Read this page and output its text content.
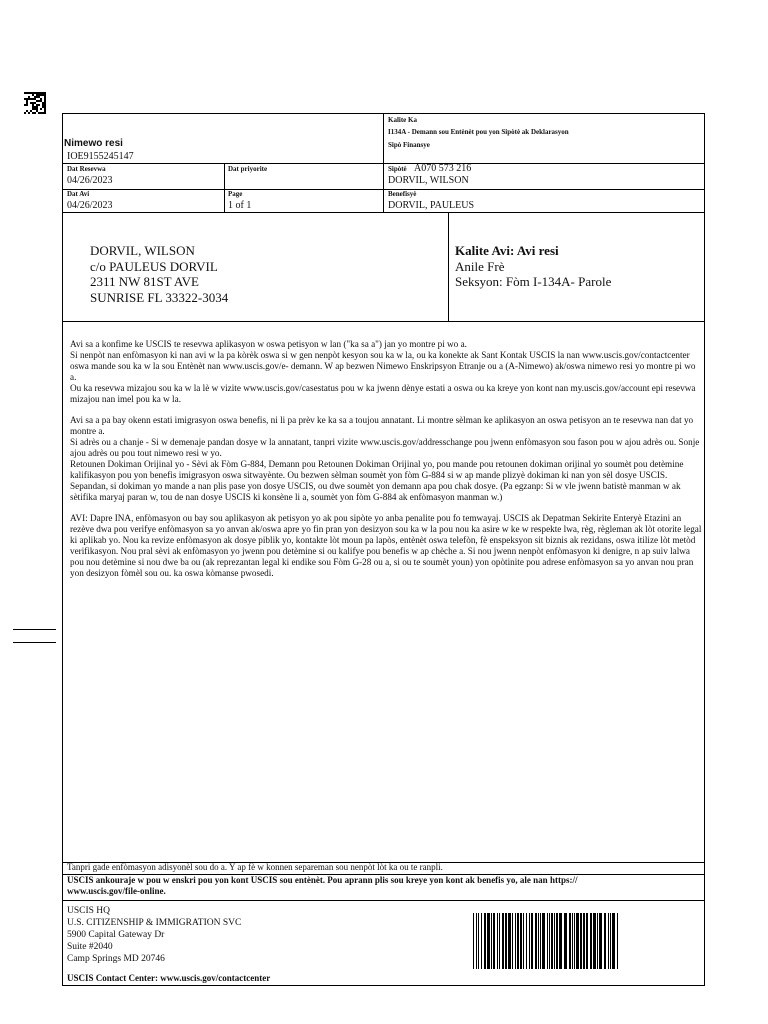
Nimewo resi
IOE9155245147
Kalite Ka
I134A - Demann sou Entènèt pou yon Sipòtè ak Deklarasyon
Sipò Finansye
Dat Resevwa
04/26/2023
Dat priyorite	Sipòtè A070 573 216
DORVIL, WILSON
Dat Avi
04/26/2023
Page
1 of 1
Benefisyè
DORVIL, PAULEUS
DORVIL, WILSON
c/o PAULEUS DORVIL
2311 NW 81ST AVE
SUNRISE FL 33322-3034
Kalite Avi: Avi resi
Anile Frè
Seksyon: Fòm I-134A- Parole

Avi sa a konfime ke USCIS te resevwa aplikasyon w oswa petisyon w lan ("ka sa a") jan yo montre pi wo a.
Si nenpòt nan enfòmasyon ki nan avi w la pa kòrèk oswa si w gen nenpòt kesyon sou ka w la, ou ka konekte ak Sant Kontak USCIS la nan www.uscis.gov/contactcenter oswa mande sou ka w la sou Entènèt nan www.uscis.gov/e- demann. W ap bezwen Nimewo Enskripsyon Etranje ou a (A-Nimewo) ak/oswa nimewo resi yo montre pi wo a.
Ou ka resevwa mizajou sou ka w la lè w vizite www.uscis.gov/casestatus pou w ka jwenn dènye estati a oswa ou ka kreye yon kont nan my.uscis.gov/account epi resevwa mizajou nan imel pou ka w la.

Avi sa a pa bay okenn estati imigrasyon oswa benefis, ni li pa prèv ke ka sa a toujou annatant. Li montre sèlman ke aplikasyon an oswa petisyon an te resevwa nan dat yo montre a.
Si adrès ou a chanje - Si w demenaje pandan dosye w la annatant, tanpri vizite www.uscis.gov/addresschange pou jwenn enfòmasyon sou fason pou w ajou adrès ou. Sonje ajou adrès ou pou tout nimewo resi w yo.
Retounen Dokiman Orijinal yo - Sèvi ak Fòm G-884, Demann pou Retounen Dokiman Orijinal yo, pou mande pou retounen dokiman orijinal yo soumèt pou detèmine kalifikasyon pou yon benefis imigrasyon oswa sitwayènte. Ou bezwen sèlman soumèt yon fòm G-884 si w ap mande plizyè dokiman ki nan yon sèl dosye USCIS. Sepandan, si dokiman yo mande a nan plis pase yon dosye USCIS, ou dwe soumèt yon demann apa pou chak dosye. (Pa egzanp: Si w vle jwenn batistè manman w ak sètifika maryaj paran w, tou de nan dosye USCIS ki konsène li a, soumèt yon fòm G-884 ak enfòmasyon manman w.)

AVI: Dapre INA, enfòmasyon ou bay sou aplikasyon ak petisyon yo ak pou sipòte yo anba penalite pou fo temwayaj. USCIS ak Depatman Sekirite Enteryè Etazini an rezève dwa pou verifye enfòmasyon sa yo anvan ak/oswa apre yo fin pran yon desizyon sou ka w la pou nou ka asire w ke w respekte lwa, règ, règleman ak lòt otorite legal ki aplikab yo. Nou ka revize enfòmasyon ak dosye piblik yo, kontakte lòt moun pa lapòs, entènèt oswa telefòn, fè enspeksyon sit biznis ak rezidans, oswa itilize lòt metòd verifikasyon. Nou pral sèvi ak enfòmasyon yo jwenn pou detèmine si ou kalifye pou benefis w ap chèche a. Si nou jwenn nenpòt enfòmasyon ki denigre, n ap suiv lalwa pou nou detèmine si nou dwe ba ou (ak reprezantan legal ki endike sou Fòm G-28 ou a, si ou te soumèt youn) yon opòtinite pou adrese enfòmasyon sa yo anvan nou pran yon desizyon fòmèl sou ou. ka oswa kòmanse pwosedi.

Tanpri gade enfòmasyon adisyonèl sou do a. Y ap fè w konnen separeman sou nenpòt lòt ka ou te ranpli.
USCIS ankouraje w pou w enskri pou yon kont USCIS sou entènèt. Pou aprann plis sou kreye yon kont ak benefis yo, ale nan https://
www.uscis.gov/file-online.
USCIS HQ
U.S. CITIZENSHIP & IMMIGRATION SVC
5900 Capital Gateway Dr
Suite #2040
Camp Springs MD 20746
USCIS Contact Center: www.uscis.gov/contactcenter
